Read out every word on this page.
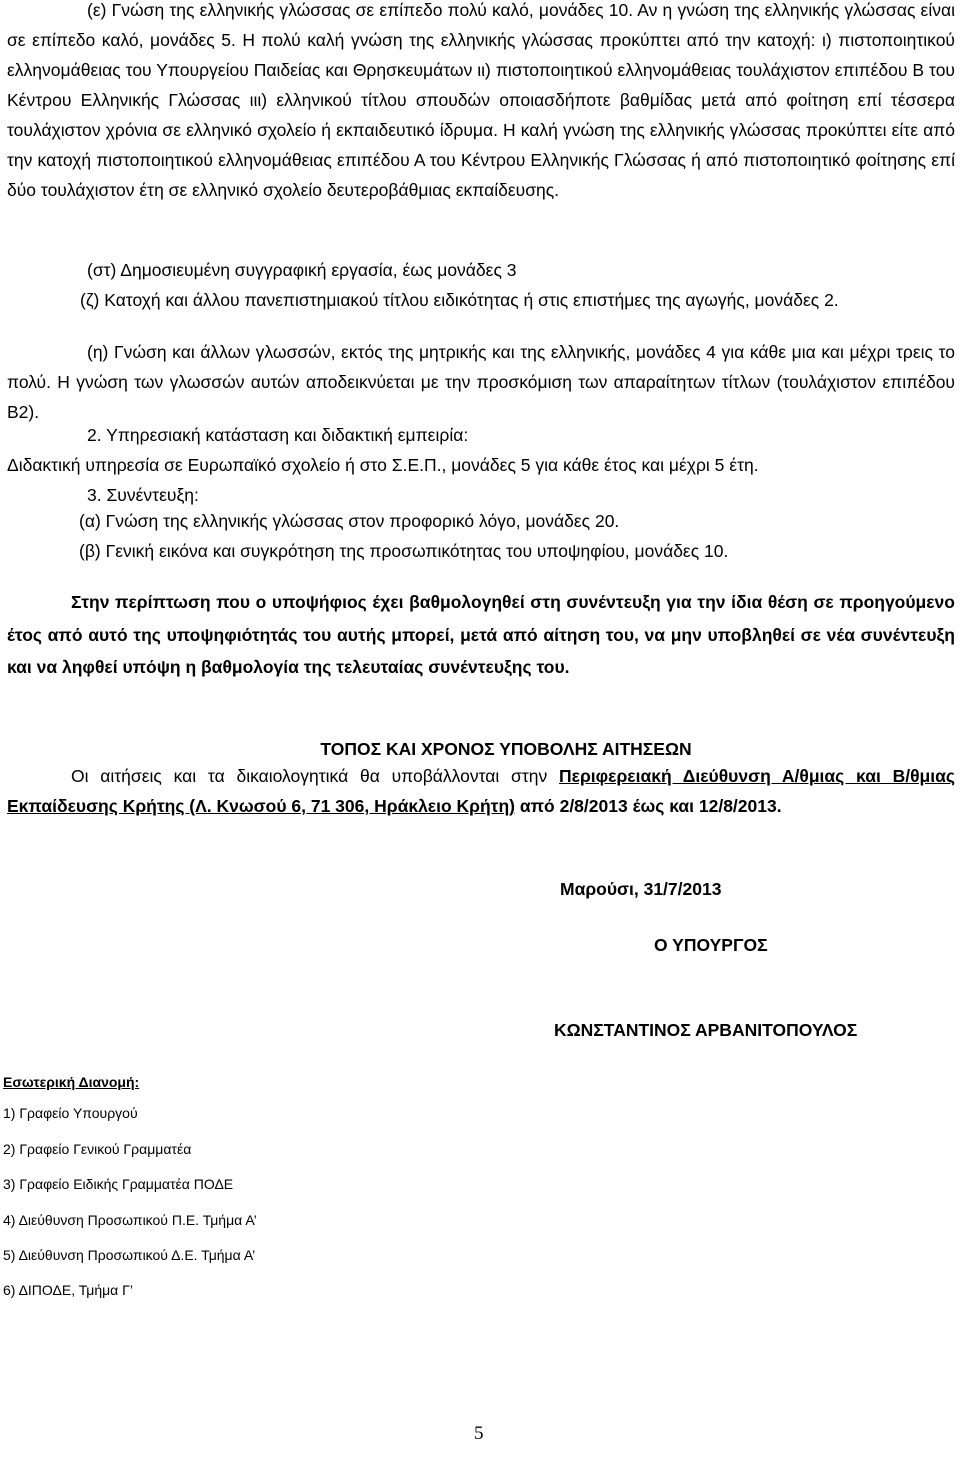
(ε) Γνώση της ελληνικής γλώσσας σε επίπεδο πολύ καλό, μονάδες 10. Αν η γνώση της ελληνικής γλώσσας είναι σε επίπεδο καλό, μονάδες 5. Η πολύ καλή γνώση της ελληνικής γλώσσας προκύπτει από την κατοχή: ι) πιστοποιητικού ελληνομάθειας του Υπουργείου Παιδείας και Θρησκευμάτων ιι) πιστοποιητικού ελληνομάθειας τουλάχιστον επιπέδου Β του Κέντρου Ελληνικής Γλώσσας ιιι) ελληνικού τίτλου σπουδών οποιασδήποτε βαθμίδας μετά από φοίτηση επί τέσσερα τουλάχιστον χρόνια σε ελληνικό σχολείο ή εκπαιδευτικό ίδρυμα. Η καλή γνώση της ελληνικής γλώσσας προκύπτει είτε από την κατοχή πιστοποιητικού ελληνομάθειας επιπέδου Α του Κέντρου Ελληνικής Γλώσσας ή από πιστοποιητικό φοίτησης επί δύο τουλάχιστον έτη σε ελληνικό σχολείο δευτεροβάθμιας εκπαίδευσης.

(στ) Δημοσιευμένη συγγραφική εργασία, έως μονάδες 3

(ζ) Κατοχή και άλλου πανεπιστημιακού τίτλου ειδικότητας ή στις επιστήμες της αγωγής, μονάδες 2.

(η) Γνώση και άλλων γλωσσών, εκτός της μητρικής και της ελληνικής, μονάδες 4 για κάθε μια και μέχρι τρεις το πολύ. Η γνώση των γλωσσών αυτών αποδεικνύεται με την προσκόμιση των απαραίτητων τίτλων (τουλάχιστον επιπέδου Β2).

2. Υπηρεσιακή κατάσταση και διδακτική εμπειρία:

Διδακτική υπηρεσία σε Ευρωπαϊκό σχολείο ή στο Σ.Ε.Π., μονάδες 5 για κάθε έτος και μέχρι 5 έτη.

3. Συνέντευξη:

(α) Γνώση της ελληνικής γλώσσας στον προφορικό λόγο, μονάδες 20.

(β) Γενική εικόνα και συγκρότηση της προσωπικότητας του υποψηφίου, μονάδες 10.

Στην περίπτωση που ο υποψήφιος έχει βαθμολογηθεί στη συνέντευξη για την ίδια θέση σε προηγούμενο έτος από αυτό της υποψηφιότητάς του αυτής μπορεί, μετά από αίτηση του, να μην υποβληθεί σε νέα συνέντευξη και να ληφθεί υπόψη η βαθμολογία της τελευταίας συνέντευξης του.

ΤΟΠΟΣ ΚΑΙ ΧΡΟΝΟΣ ΥΠΟΒΟΛΗΣ ΑΙΤΗΣΕΩΝ

Οι αιτήσεις και τα δικαιολογητικά θα υποβάλλονται στην Περιφερειακή Διεύθυνση Α/θμιας και Β/θμιας Εκπαίδευσης Κρήτης (Λ. Κνωσού 6, 71 306, Ηράκλειο Κρήτη) από 2/8/2013 έως και 12/8/2013.

Μαρούσι, 31/7/2013

Ο ΥΠΟΥΡΓΟΣ

ΚΩΝΣΤΑΝΤΙΝΟΣ ΑΡΒΑΝΙΤΟΠΟΥΛΟΣ

Εσωτερική Διανομή:

1) Γραφείο Υπουργού

2) Γραφείο Γενικού Γραμματέα

3) Γραφείο Ειδικής Γραμματέα ΠΟΔΕ

4) Διεύθυνση Προσωπικού Π.Ε. Τμήμα Α’

5) Διεύθυνση Προσωπικού Δ.Ε. Τμήμα Α’

6) ΔΙΠΟΔΕ, Τμήμα Γ’

5
